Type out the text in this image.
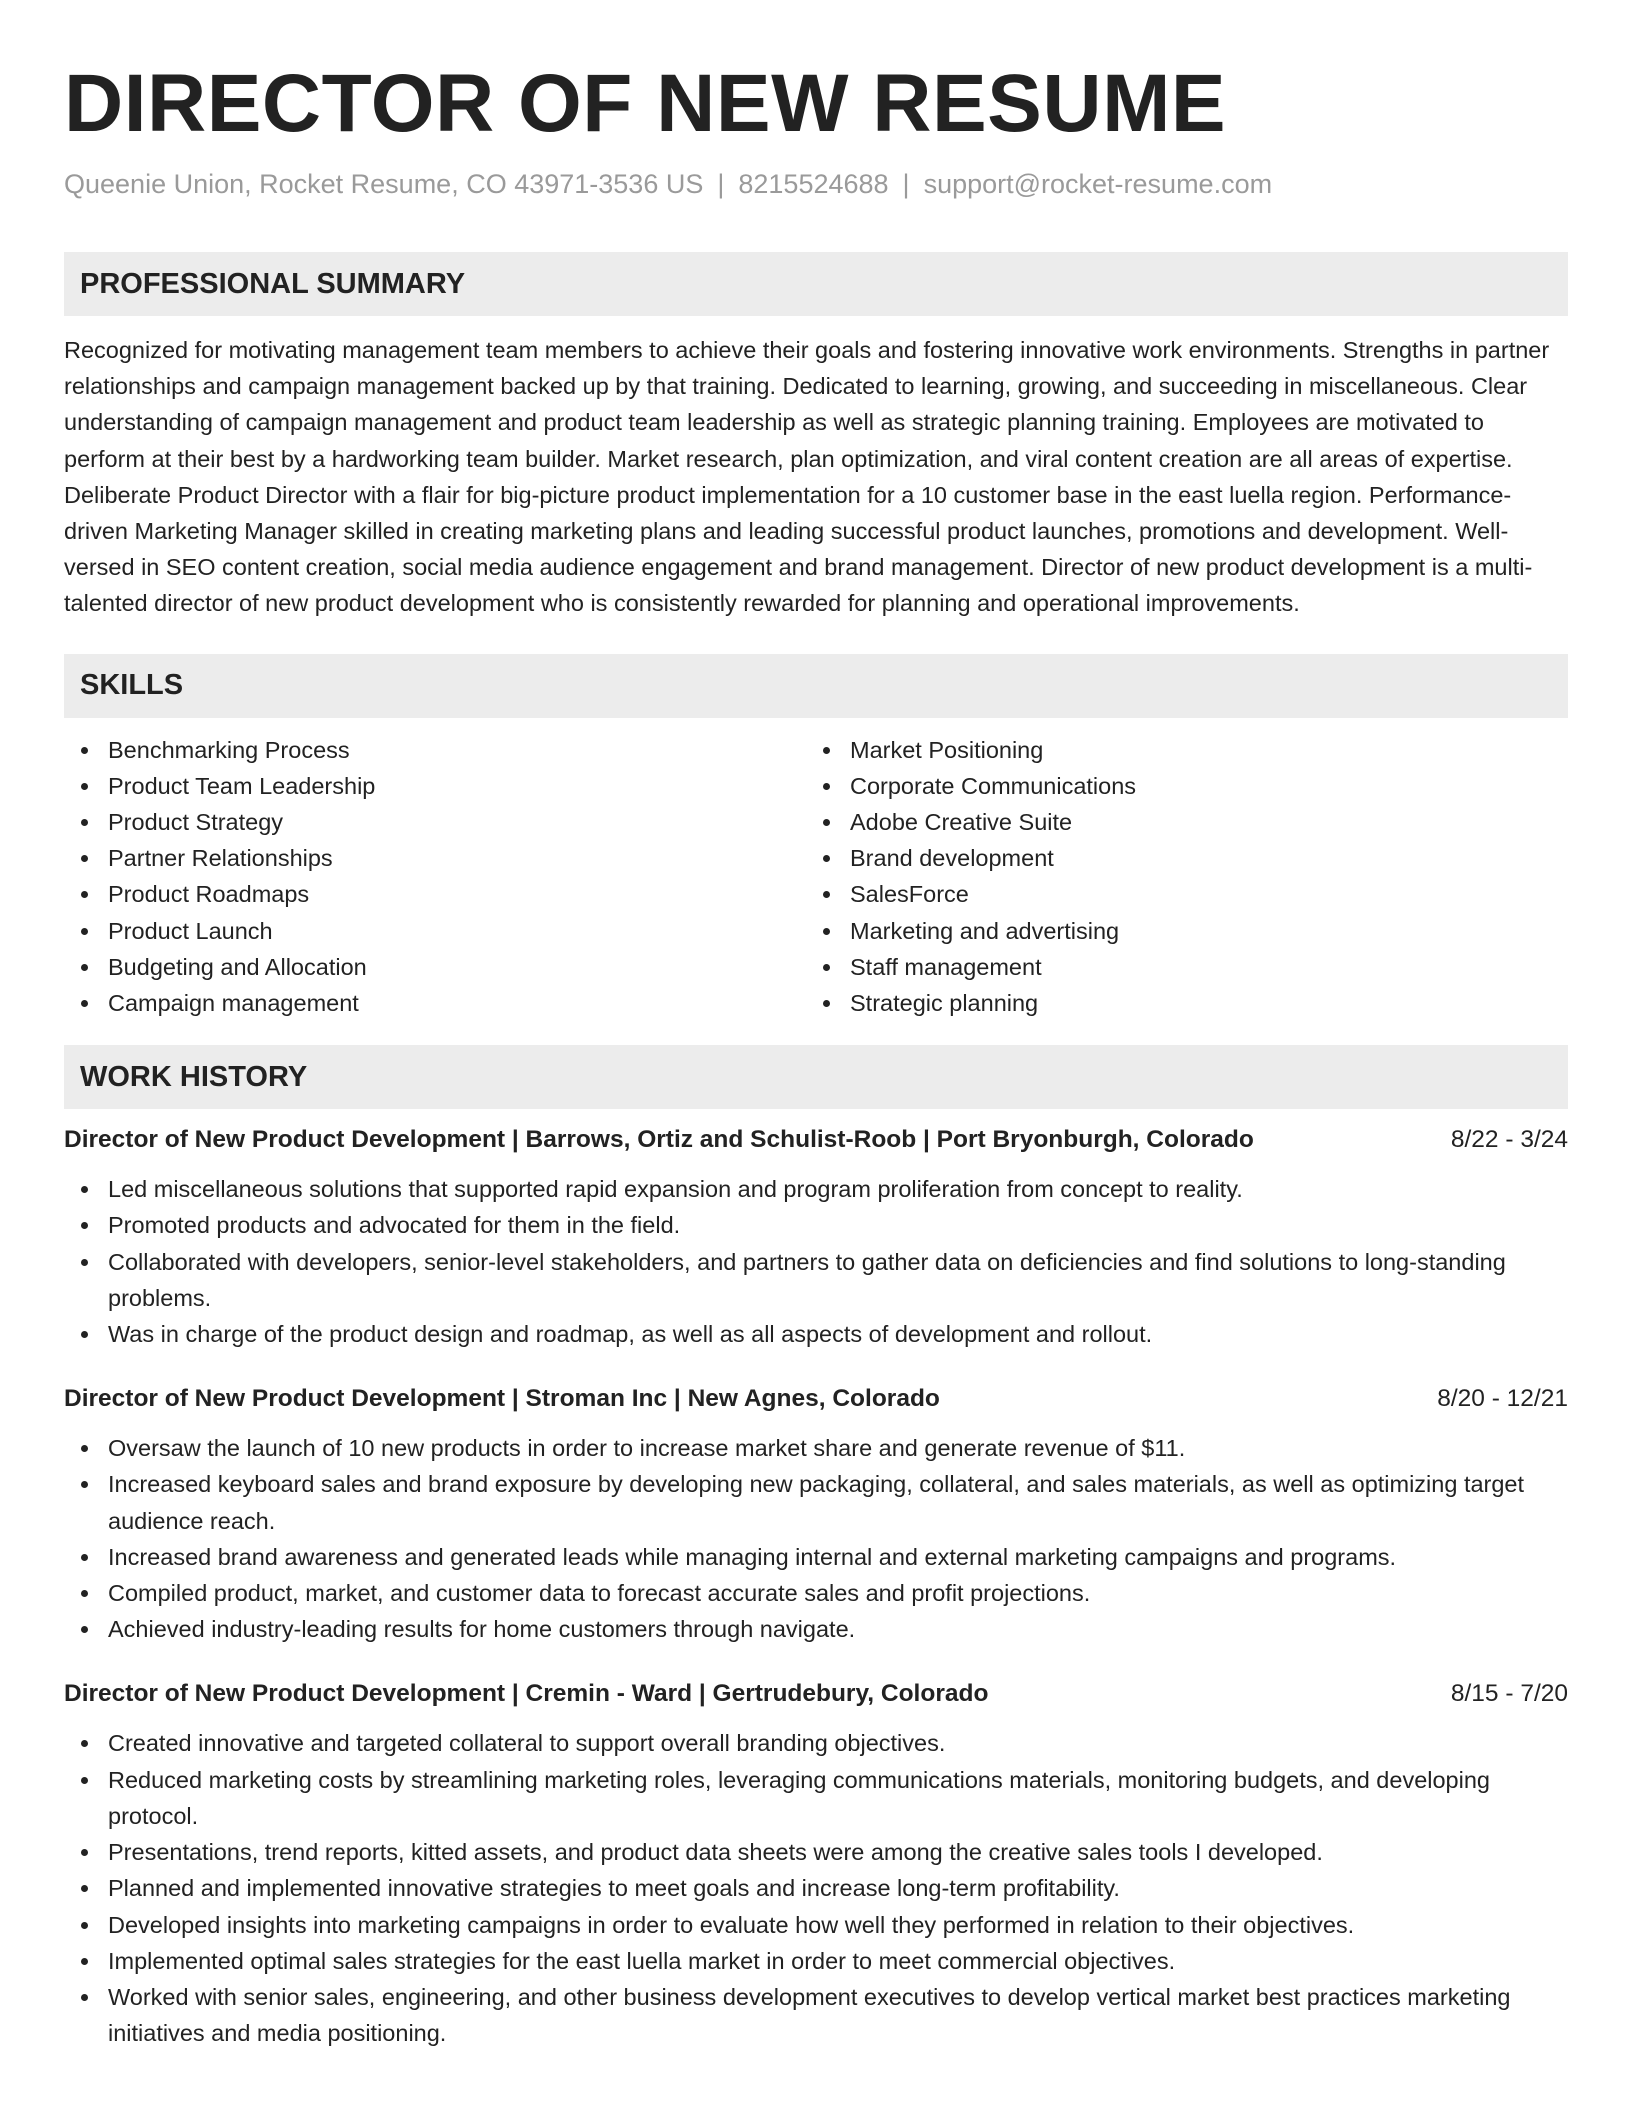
DIRECTOR OF NEW RESUME
Queenie Union, Rocket Resume, CO 43971-3536 US | 8215524688 | support@rocket-resume.com
PROFESSIONAL SUMMARY

Recognized for motivating management team members to achieve their goals and fostering innovative work environments. Strengths in partner relationships and campaign management backed up by that training. Dedicated to learning, growing, and succeeding in miscellaneous. Clear understanding of campaign management and product team leadership as well as strategic planning training. Employees are motivated to perform at their best by a hardworking team builder. Market research, plan optimization, and viral content creation are all areas of expertise. Deliberate Product Director with a flair for big-picture product implementation for a 10 customer base in the east luella region. Performance-driven Marketing Manager skilled in creating marketing plans and leading successful product launches, promotions and development. Well-versed in SEO content creation, social media audience engagement and brand management. Director of new product development is a multi-talented director of new product development who is consistently rewarded for planning and operational improvements.

SKILLS
Benchmarking Process
Product Team Leadership
Product Strategy
Partner Relationships
Product Roadmaps
Product Launch
Budgeting and Allocation
Campaign management
Market Positioning
Corporate Communications
Adobe Creative Suite
Brand development
SalesForce
Marketing and advertising
Staff management
Strategic planning
WORK HISTORY
Director of New Product Development | Barrows, Ortiz and Schulist-Roob | Port Bryonburgh, Colorado	8/22 - 3/24
Led miscellaneous solutions that supported rapid expansion and program proliferation from concept to reality.
Promoted products and advocated for them in the field.
Collaborated with developers, senior-level stakeholders, and partners to gather data on deficiencies and find solutions to long-standing problems.
Was in charge of the product design and roadmap, as well as all aspects of development and rollout.
Director of New Product Development | Stroman Inc | New Agnes, Colorado	8/20 - 12/21
Oversaw the launch of 10 new products in order to increase market share and generate revenue of $11.
Increased keyboard sales and brand exposure by developing new packaging, collateral, and sales materials, as well as optimizing target audience reach.
Increased brand awareness and generated leads while managing internal and external marketing campaigns and programs.
Compiled product, market, and customer data to forecast accurate sales and profit projections.
Achieved industry-leading results for home customers through navigate.
Director of New Product Development | Cremin - Ward | Gertrudebury, Colorado	8/15 - 7/20
Created innovative and targeted collateral to support overall branding objectives.
Reduced marketing costs by streamlining marketing roles, leveraging communications materials, monitoring budgets, and developing protocol.
Presentations, trend reports, kitted assets, and product data sheets were among the creative sales tools I developed.
Planned and implemented innovative strategies to meet goals and increase long-term profitability.
Developed insights into marketing campaigns in order to evaluate how well they performed in relation to their objectives.
Implemented optimal sales strategies for the east luella market in order to meet commercial objectives.
Worked with senior sales, engineering, and other business development executives to develop vertical market best practices marketing initiatives and media positioning.
